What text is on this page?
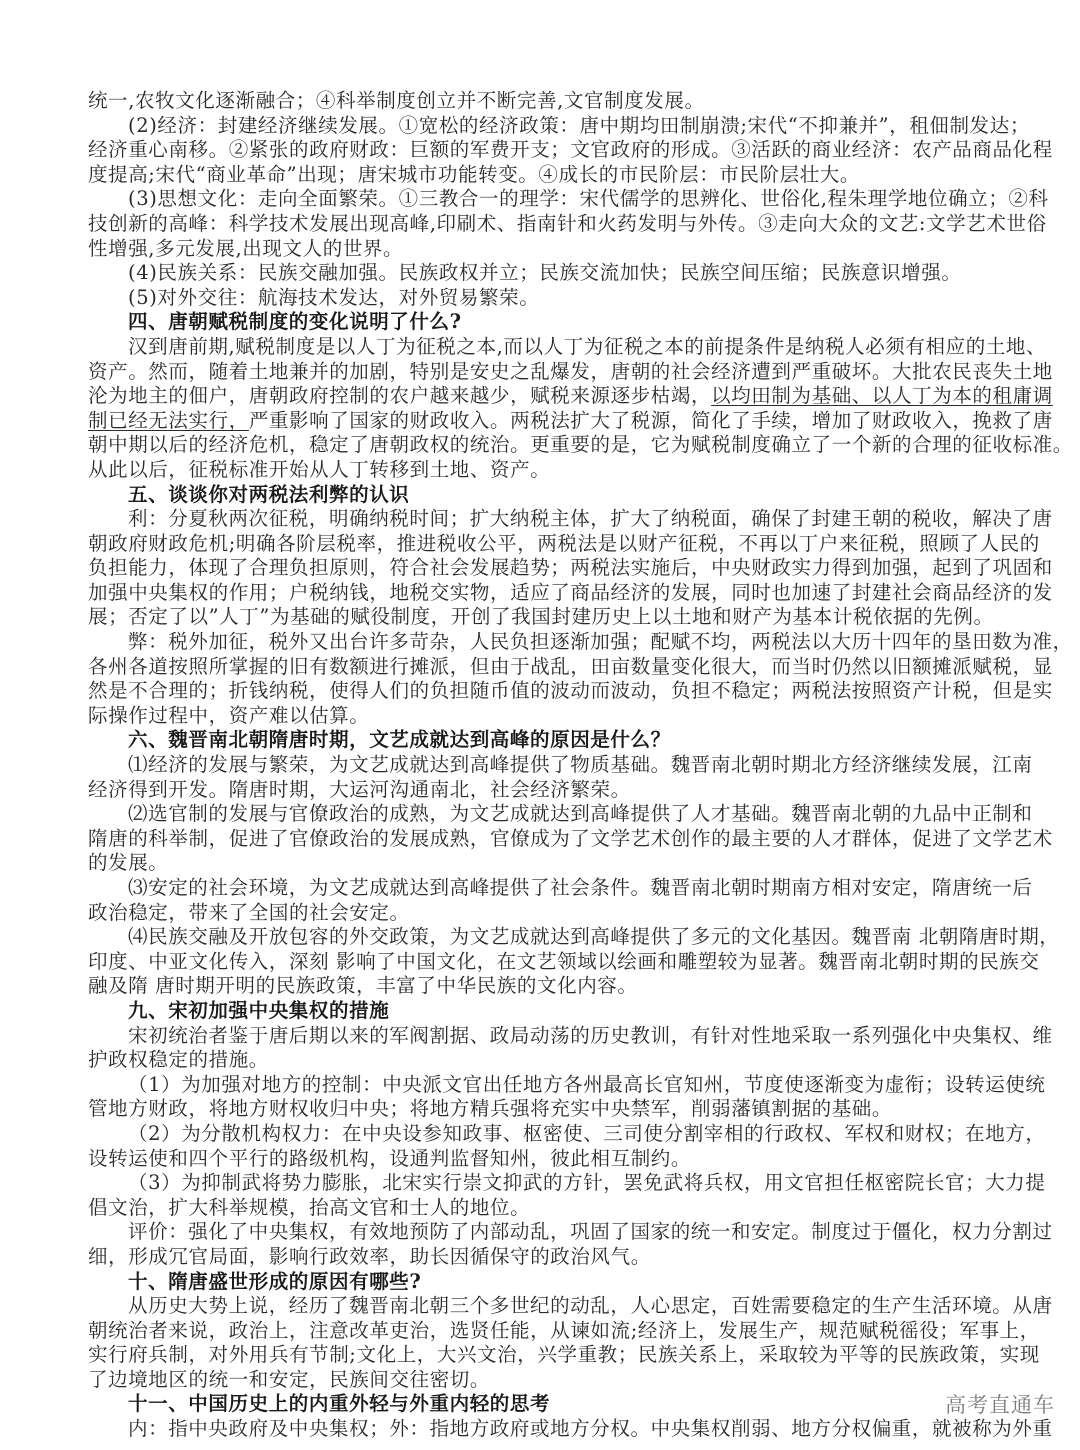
统一,农牧文化逐渐融合；④科举制度创立并不断完善,文官制度发展。
(2)经济：封建经济继续发展。①宽松的经济政策：唐中期均田制崩溃;宋代“不抑兼并”，租佃制发达；
经济重心南移。②紧张的政府财政：巨额的军费开支；文官政府的形成。③活跃的商业经济：农产品商品化程
度提高;宋代“商业革命”出现；唐宋城市功能转变。④成长的市民阶层：市民阶层壮大。
(3)思想文化：走向全面繁荣。①三教合一的理学：宋代儒学的思辨化、世俗化,程朱理学地位确立；②科
技创新的高峰：科学技术发展出现高峰,印刷术、指南针和火药发明与外传。③走向大众的文艺:文学艺术世俗
性增强,多元发展,出现文人的世界。
(4)民族关系：民族交融加强。民族政权并立；民族交流加快；民族空间压缩；民族意识增强。
(5)对外交往：航海技术发达，对外贸易繁荣。
四、唐朝赋税制度的变化说明了什么?
汉到唐前期,赋税制度是以人丁为征税之本,而以人丁为征税之本的前提条件是纳税人必须有相应的土地、
资产。然而，随着土地兼并的加剧，特别是安史之乱爆发，唐朝的社会经济遭到严重破坏。大批农民丧失土地
沦为地主的佃户，唐朝政府控制的农户越来越少，赋税来源逐步枯竭，以均田制为基础、以人丁为本的租庸调
制已经无法实行，严重影响了国家的财政收入。两税法扩大了税源，简化了手续，增加了财政收入，挽救了唐
朝中期以后的经济危机，稳定了唐朝政权的统治。更重要的是，它为赋税制度确立了一个新的合理的征收标准。
从此以后，征税标准开始从人丁转移到土地、资产。
五、谈谈你对两税法利弊的认识
利：分夏秋两次征税，明确纳税时间；扩大纳税主体，扩大了纳税面，确保了封建王朝的税收，解决了唐
朝政府财政危机;明确各阶层税率，推进税收公平，两税法是以财产征税，不再以丁户来征税，照顾了人民的
负担能力，体现了合理负担原则，符合社会发展趋势；两税法实施后，中央财政实力得到加强，起到了巩固和
加强中央集权的作用；户税纳钱，地税交实物，适应了商品经济的发展，同时也加速了封建社会商品经济的发
展；否定了以”人丁”为基础的赋役制度，开创了我国封建历史上以土地和财产为基本计税依据的先例。
弊：税外加征，税外又出台许多苛杂，人民负担逐渐加强；配赋不均，两税法以大历十四年的垦田数为准，
各州各道按照所掌握的旧有数额进行摊派，但由于战乱，田亩数量变化很大，而当时仍然以旧额摊派赋税，显
然是不合理的；折钱纳税，使得人们的负担随币值的波动而波动，负担不稳定；两税法按照资产计税，但是实
际操作过程中，资产难以估算。
六、魏晋南北朝隋唐时期，文艺成就达到高峰的原因是什么？
⑴经济的发展与繁荣，为文艺成就达到高峰提供了物质基础。魏晋南北朝时期北方经济继续发展，江南
经济得到开发。隋唐时期，大运河沟通南北，社会经济繁荣。
⑵选官制的发展与官僚政治的成熟，为文艺成就达到高峰提供了人才基础。魏晋南北朝的九品中正制和
隋唐的科举制，促进了官僚政治的发展成熟，官僚成为了文学艺术创作的最主要的人才群体，促进了文学艺术
的发展。
⑶安定的社会环境，为文艺成就达到高峰提供了社会条件。魏晋南北朝时期南方相对安定，隋唐统一后
政治稳定，带来了全国的社会安定。
⑷民族交融及开放包容的外交政策，为文艺成就达到高峰提供了多元的文化基因。魏晋南 北朝隋唐时期，
印度、中亚文化传入，深刻 影响了中国文化，在文艺领域以绘画和雕塑较为显著。魏晋南北朝时期的民族交
融及隋 唐时期开明的民族政策，丰富了中华民族的文化内容。
九、宋初加强中央集权的措施
宋初统治者鉴于唐后期以来的军阀割据、政局动荡的历史教训，有针对性地采取一系列强化中央集权、维
护政权稳定的措施。
（1）为加强对地方的控制：中央派文官出任地方各州最高长官知州，节度使逐渐变为虚衔；设转运使统
管地方财政，将地方财权收归中央；将地方精兵强将充实中央禁军，削弱藩镇割据的基础。
（2）为分散机构权力：在中央设参知政事、枢密使、三司使分割宰相的行政权、军权和财权；在地方，
设转运使和四个平行的路级机构，设通判监督知州，彼此相互制约。
（3）为抑制武将势力膨胀，北宋实行崇文抑武的方针，罢免武将兵权，用文官担任枢密院长官；大力提
倡文治，扩大科举规模，抬高文官和士人的地位。
评价：强化了中央集权，有效地预防了内部动乱，巩固了国家的统一和安定。制度过于僵化，权力分割过
细，形成冗官局面，影响行政效率，助长因循保守的政治风气。
十、隋唐盛世形成的原因有哪些?
从历史大势上说，经历了魏晋南北朝三个多世纪的动乱，人心思定，百姓需要稳定的生产生活环境。从唐
朝统治者来说，政治上，注意改革吏治，选贤任能，从谏如流;经济上，发展生产，规范赋税徭役；军事上，
实行府兵制，对外用兵有节制;文化上，大兴文治，兴学重教；民族关系上，采取较为平等的民族政策，实现
了边境地区的统一和安定，民族间交往密切。
十一、中国历史上的内重外轻与外重内轻的思考
内：指中央政府及中央集权；外：指地方政府或地方分权。中央集权削弱、地方分权偏重，就被称为外重
高考直通车
